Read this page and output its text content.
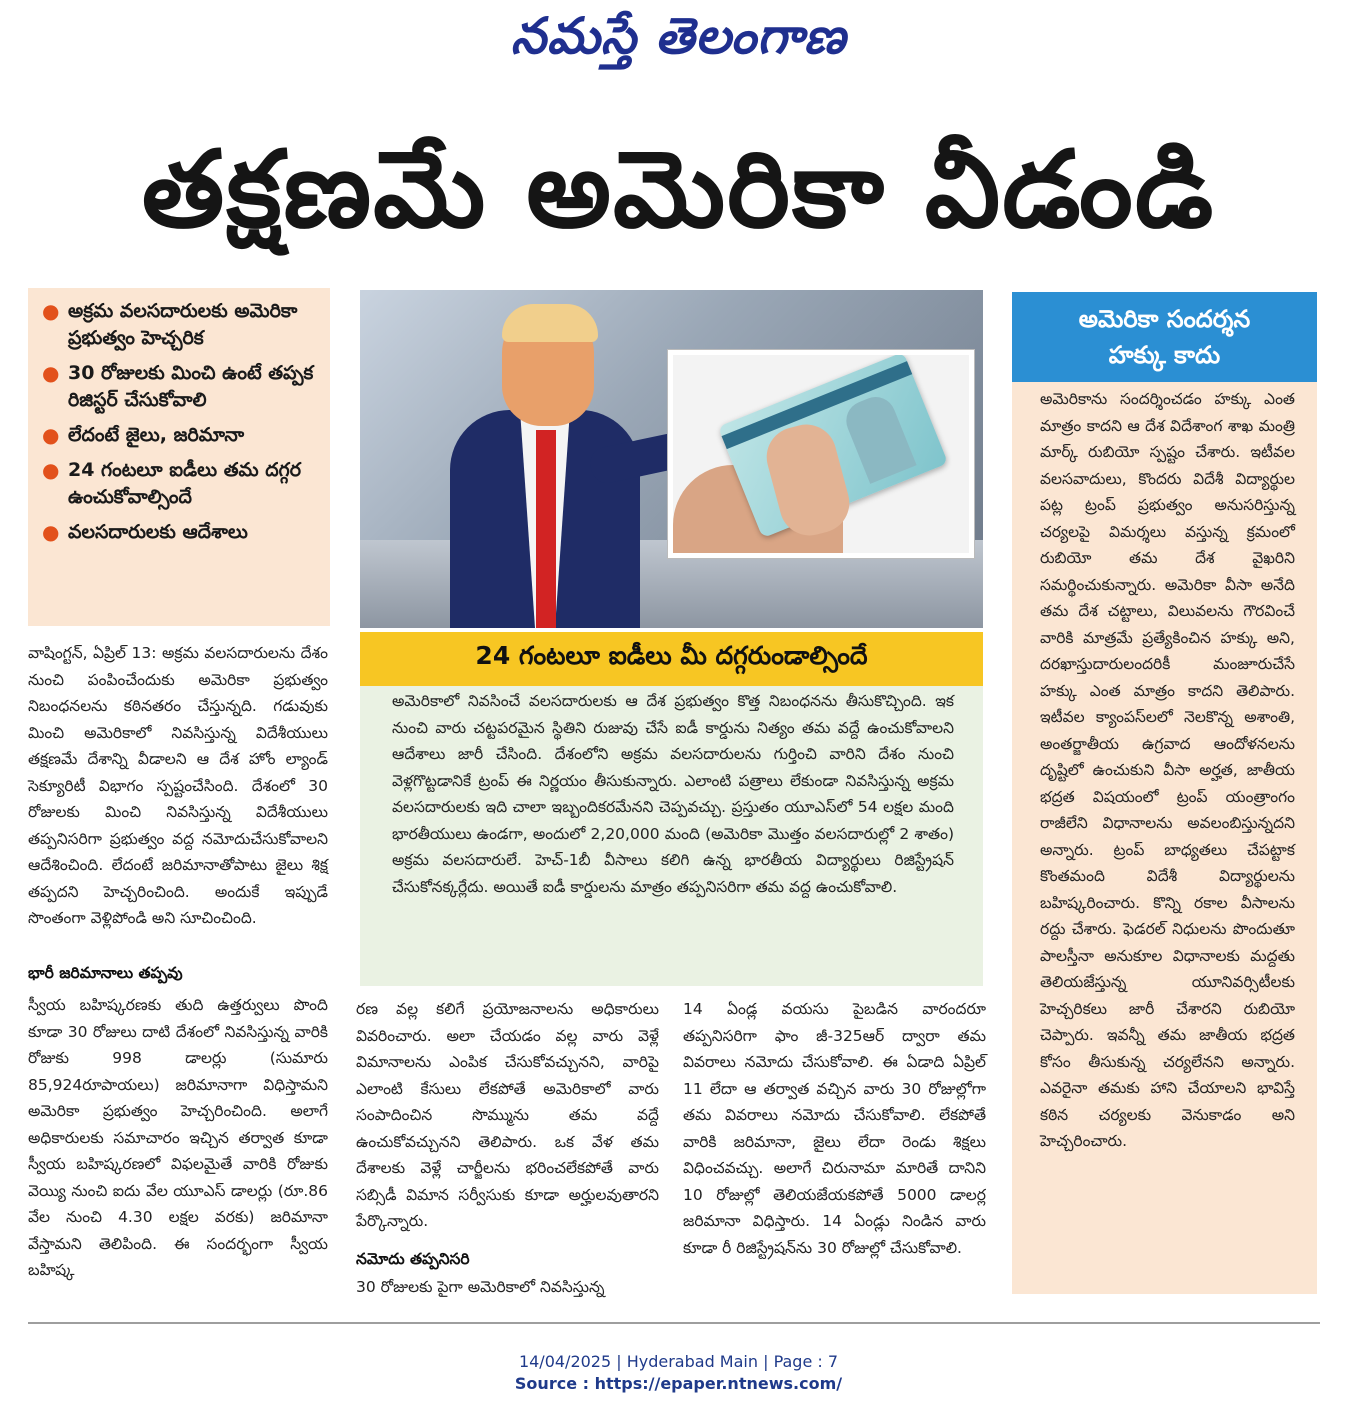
నమస్తే తెలంగాణ
తక్షణమే అమెరికా వీడండి
● అక్రమ వలసదారులకు అమెరికా ప్రభుత్వం హెచ్చరిక
● 30 రోజులకు మించి ఉంటే తప్పక రిజిస్టర్ చేసుకోవాలి
● లేదంటే జైలు, జరిమానా
● 24 గంటలూ ఐడీలు తమ దగ్గర ఉంచుకోవాల్సిందే
● వలసదారులకు ఆదేశాలు
24 గంటలూ ఐడీలు మీ దగ్గరుండాల్సిందే
అమెరికాలో నివసించే వలసదారులకు ఆ దేశ ప్రభుత్వం కొత్త నిబంధనను తీసుకొచ్చింది. ఇక నుంచి వారు చట్టపరమైన స్థితిని రుజువు చేసే ఐడీ కార్డును నిత్యం తమ వద్దే ఉంచుకోవాలని ఆదేశాలు జారీ చేసింది. దేశంలోని అక్రమ వలసదారులను గుర్తించి వారిని దేశం నుంచి వెళ్లగొట్టడానికే ట్రంప్ ఈ నిర్ణయం తీసుకున్నారు. ఎలాంటి పత్రాలు లేకుండా నివసిస్తున్న అక్రమ వలసదారులకు ఇది చాలా ఇబ్బందికరమేనని చెప్పవచ్చు. ప్రస్తుతం యూఎస్‌లో 54 లక్షల మంది భారతీయులు ఉండగా, అందులో 2,20,000 మంది (అమెరికా మొత్తం వలసదారుల్లో 2 శాతం) అక్రమ వలసదారులే. హెచ్-1బీ వీసాలు కలిగి ఉన్న భారతీయ విద్యార్థులు రిజిస్ట్రేషన్ చేసుకోనక్కర్లేదు. అయితే ఐడీ కార్డులను మాత్రం తప్పనిసరిగా తమ వద్ద ఉంచుకోవాలి.
వాషింగ్టన్, ఏప్రిల్ 13: అక్రమ వలసదారులను దేశం నుంచి పంపించేందుకు అమెరికా ప్రభుత్వం నిబంధనలను కఠినతరం చేస్తున్నది. గడువుకు మించి అమెరికాలో నివసిస్తున్న విదేశీయులు తక్షణమే దేశాన్ని వీడాలని ఆ దేశ హోం ల్యాండ్ సెక్యూరిటీ విభాగం స్పష్టంచేసింది. దేశంలో 30 రోజులకు మించి నివసిస్తున్న విదేశీయులు తప్పనిసరిగా ప్రభుత్వం వద్ద నమోదుచేసుకోవాలని ఆదేశించింది. లేదంటే జరిమానాతోపాటు జైలు శిక్ష తప్పదని హెచ్చరించింది. అందుకే ఇప్పుడే సొంతంగా వెళ్లిపోండి అని సూచించింది.
భారీ జరిమానాలు తప్పవు
స్వీయ బహిష్కరణకు తుది ఉత్తర్వులు పొంది కూడా 30 రోజులు దాటి దేశంలో నివసిస్తున్న వారికి రోజుకు 998 డాలర్లు (సుమారు 85,924రూపాయలు) జరిమానాగా విధిస్తామని అమెరికా ప్రభుత్వం హెచ్చరించింది. అలాగే అధికారులకు సమాచారం ఇచ్చిన తర్వాత కూడా స్వీయ బహిష్కరణలో విఫలమైతే వారికి రోజుకు వెయ్యి నుంచి ఐదు వేల యూఎస్ డాలర్లు (రూ.86 వేల నుంచి 4.30 లక్షల వరకు) జరిమానా వేస్తామని తెలిపింది. ఈ సందర్భంగా స్వీయ బహిష్క
రణ వల్ల కలిగే ప్రయోజనాలను అధికారులు వివరించారు. అలా చేయడం వల్ల వారు వెళ్లే విమానాలను ఎంపిక చేసుకోవచ్చునని, వారిపై ఎలాంటి కేసులు లేకపోతే అమెరికాలో వారు సంపాదించిన సొమ్మును తమ వద్దే ఉంచుకోవచ్చునని తెలిపారు. ఒక వేళ తమ దేశాలకు వెళ్లే చార్జీలను భరించలేకపోతే వారు సబ్సిడీ విమాన సర్వీసుకు కూడా అర్హులవుతారని పేర్కొన్నారు.
నమోదు తప్పనిసరి
30 రోజులకు పైగా అమెరికాలో నివసిస్తున్న
14 ఏండ్ల వయసు పైబడిన వారందరూ తప్పనిసరిగా ఫాం జీ-325ఆర్ ద్వారా తమ వివరాలు నమోదు చేసుకోవాలి. ఈ ఏడాది ఏప్రిల్ 11 లేదా ఆ తర్వాత వచ్చిన వారు 30 రోజుల్లోగా తమ వివరాలు నమోదు చేసుకోవాలి. లేకపోతే వారికి జరిమానా, జైలు లేదా రెండు శిక్షలు విధించవచ్చు. అలాగే చిరునామా మారితే దానిని 10 రోజుల్లో తెలియజేయకపోతే 5000 డాలర్ల జరిమానా విధిస్తారు. 14 ఏండ్లు నిండిన వారు కూడా రీ రిజిస్ట్రేషన్‌ను 30 రోజుల్లో చేసుకోవాలి.
అమెరికా సందర్శన
హక్కు కాదు
అమెరికాను సందర్శించడం హక్కు ఎంత మాత్రం కాదని ఆ దేశ విదేశాంగ శాఖ మంత్రి మార్క్ రుబియో స్పష్టం చేశారు. ఇటీవల వలసవాదులు, కొందరు విదేశీ విద్యార్థుల పట్ల ట్రంప్ ప్రభుత్వం అనుసరిస్తున్న చర్యలపై విమర్శలు వస్తున్న క్రమంలో రుబియో తమ దేశ వైఖరిని సమర్థించుకున్నారు. అమెరికా వీసా అనేది తమ దేశ చట్టాలు, విలువలను గౌరవించే వారికి మాత్రమే ప్రత్యేకించిన హక్కు అని, దరఖాస్తుదారులందరికీ మంజూరుచేసే హక్కు ఎంత మాత్రం కాదని తెలిపారు. ఇటీవల క్యాంపస్‌లలో నెలకొన్న అశాంతి, అంతర్జాతీయ ఉగ్రవాద ఆందోళనలను దృష్టిలో ఉంచుకుని వీసా అర్హత, జాతీయ భద్రత విషయంలో ట్రంప్ యంత్రాంగం రాజీలేని విధానాలను అవలంబిస్తున్నదని అన్నారు. ట్రంప్ బాధ్యతలు చేపట్టాక కొంతమంది విదేశీ విద్యార్థులను బహిష్కరించారు. కొన్ని రకాల వీసాలను రద్దు చేశారు. ఫెడరల్ నిధులను పొందుతూ పాలస్తీనా అనుకూల విధానాలకు మద్దతు తెలియజేస్తున్న యూనివర్సిటీలకు హెచ్చరికలు జారీ చేశారని రుబియో చెప్పారు. ఇవన్నీ తమ జాతీయ భద్రత కోసం తీసుకున్న చర్యలేనని అన్నారు. ఎవరైనా తమకు హాని చేయాలని భావిస్తే కఠిన చర్యలకు వెనుకాడం అని హెచ్చరించారు.
14/04/2025 | Hyderabad Main | Page : 7
Source : https://epaper.ntnews.com/
